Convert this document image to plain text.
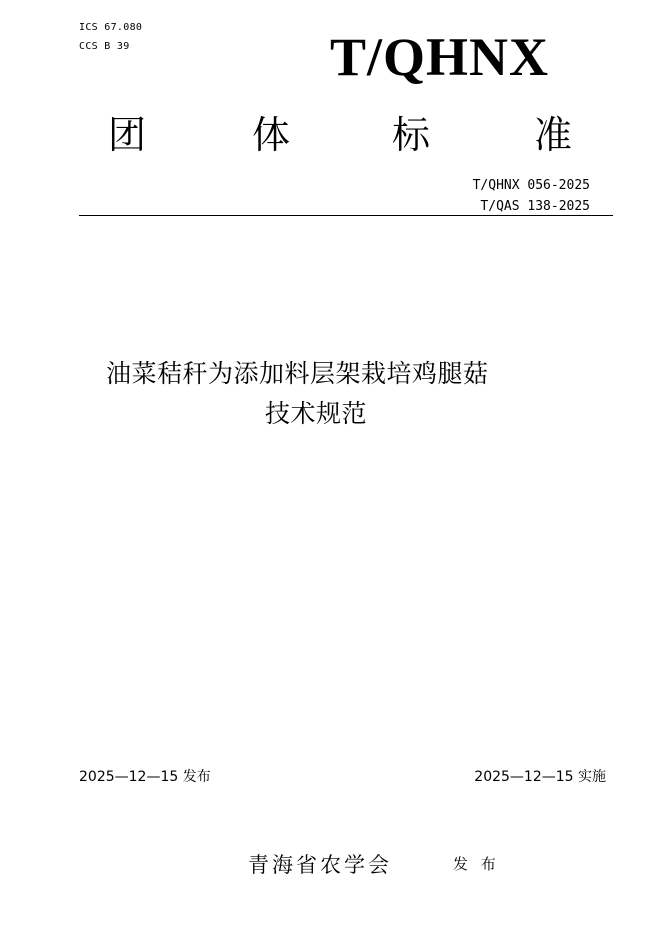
ICS 67.080
CCS B 39	T/QHNX
团	体	标	准
T/QHNX 056-2025
T/QAS 138-2025
油菜秸秆为添加料层架栽培鸡腿菇
技术规范
2025—12—15 发布	2025—12—15 实施
青海省农学会	发 布
